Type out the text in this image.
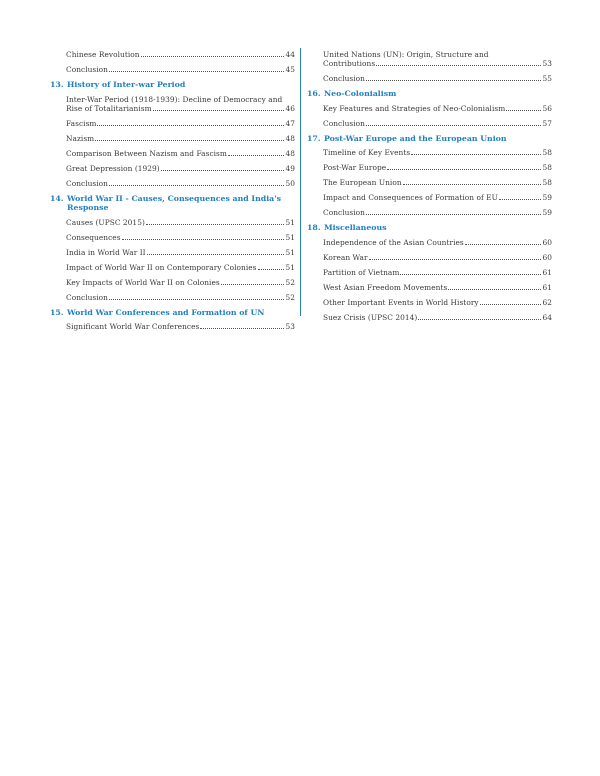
Chinese Revolution	44
Conclusion	45
13. History of Inter-war Period
Inter-War Period (1918-1939): Decline of Democracy and
Rise of Totalitarianism	46
Fascism	47
Nazism	48
Comparison Between Nazism and Fascism	48
Great Depression (1929)	49
Conclusion	50
14. World War II - Causes, Consequences and India's Response
Causes (UPSC 2015)	51
Consequences	51
India in World War II	51
Impact of World War II on Contemporary Colonies	51
Key Impacts of World War II on Colonies	52
Conclusion	52
15. World War Conferences and Formation of UN
Significant World War Conferences	53
United Nations (UN): Origin, Structure and
Contributions	53
Conclusion	55
16. Neo-Colonialism
Key Features and Strategies of Neo-Colonialism	56
Conclusion	57
17. Post-War Europe and the European Union
Timeline of Key Events	58
Post-War Europe	58
The European Union	58
Impact and Consequences of Formation of EU	59
Conclusion	59
18. Miscellaneous
Independence of the Asian Countries	60
Korean War	60
Partition of Vietnam	61
West Asian Freedom Movements	61
Other Important Events in World History	62
Suez Crisis (UPSC 2014)	64
